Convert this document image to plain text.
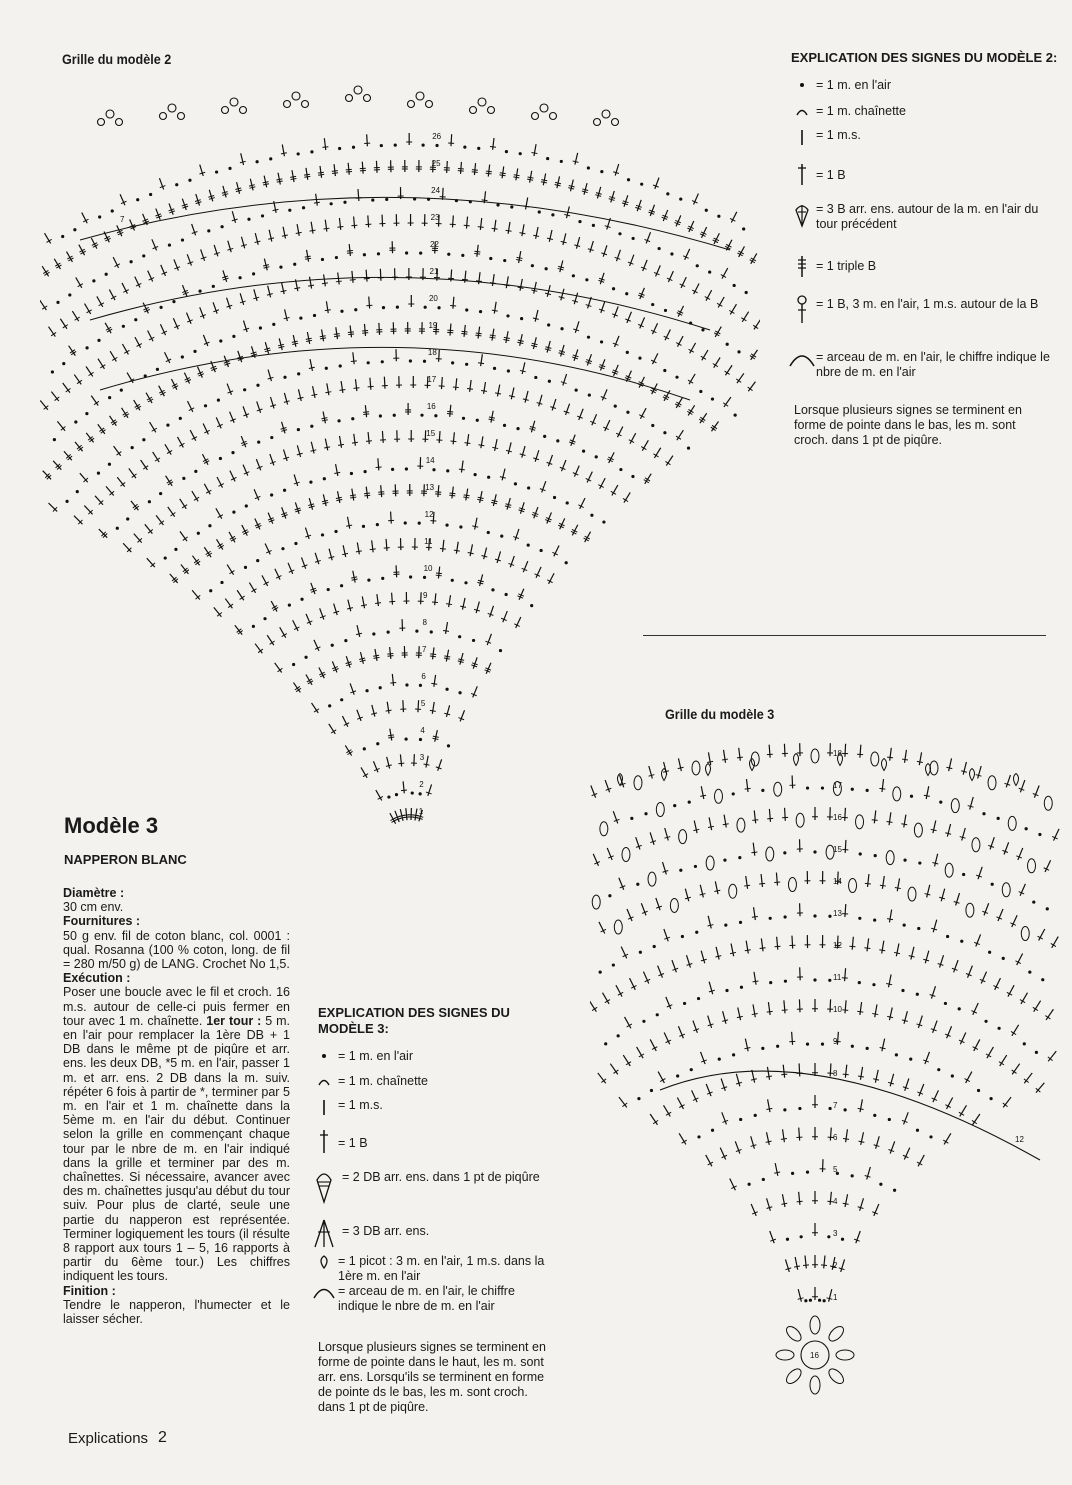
Grille du modèle 2
1
2
3
4
5
6
7
8
9
10
11
12
13
14
15
16
17
18
19
20
21
22
23
24
25
26
7
EXPLICATION DES SIGNES DU MODÈLE 2:
= 1 m. en l'air
= 1 m. chaînette
= 1 m.s.
= 1 B
= 3 B arr. ens. autour de la m. en l'air du tour précédent
= 1 triple B
= 1 B, 3 m. en l'air, 1 m.s. autour de la B
= arceau de m. en l'air, le chiffre indique le nbre de m. en l'air
Lorsque plusieurs signes se terminent en forme de pointe dans le bas, les m. sont croch. dans 1 pt de piqûre.
Modèle 3
NAPPERON BLANC
Diamètre :
30 cm env.
Fournitures :
50 g env. fil de coton blanc, col. 0001 : qual. Rosanna (100 % coton, long. de fil = 280 m/50 g) de LANG. Crochet No 1,5.
Exécution :
Poser une boucle avec le fil et croch. 16 m.s. autour de celle-ci puis fermer en tour avec 1 m. chaînette. 1er tour : 5 m. en l'air pour remplacer la 1ère DB + 1 DB dans le même pt de piqûre et arr. ens. les deux DB, *5 m. en l'air, passer 1 m. et arr. ens. 2 DB dans la m. suiv. répéter 6 fois à partir de *, terminer par 5 m. en l'air et 1 m. chaînette dans la 5ème m. en l'air du début. Continuer selon la grille en commençant chaque tour par le nbre de m. en l'air indiqué dans la grille et terminer par des m. chaînettes. Si nécessaire, avancer avec des m. chaînettes jusqu'au début du tour suiv. Pour plus de clarté, seule une partie du napperon est représentée. Terminer logiquement les tours (il résulte 8 rapport aux tours 1 – 5, 16 rapports à partir du 6ème tour.) Les chiffres indiquent les tours.
Finition :
Tendre le napperon, l'humecter et le laisser sécher.
EXPLICATION DES SIGNES DU MODÈLE 3:
= 1 m. en l'air
= 1 m. chaînette
= 1 m.s.
= 1 B
= 2 DB arr. ens. dans 1 pt de piqûre
= 3 DB arr. ens.
= 1 picot : 3 m. en l'air, 1 m.s. dans la 1ère m. en l'air
= arceau de m. en l'air, le chiffre indique le nbre de m. en l'air
Lorsque plusieurs signes se terminent en forme de pointe dans le haut, les m. sont arr. ens. Lorsqu'ils se terminent en forme de pointe ds le bas, les m. sont croch. dans 1 pt de piqûre.
Grille du modèle 3
16
1
2
3
4
5
6
7
8
9
10
11
12
13
14
15
16
17
18
12
Explications 2
